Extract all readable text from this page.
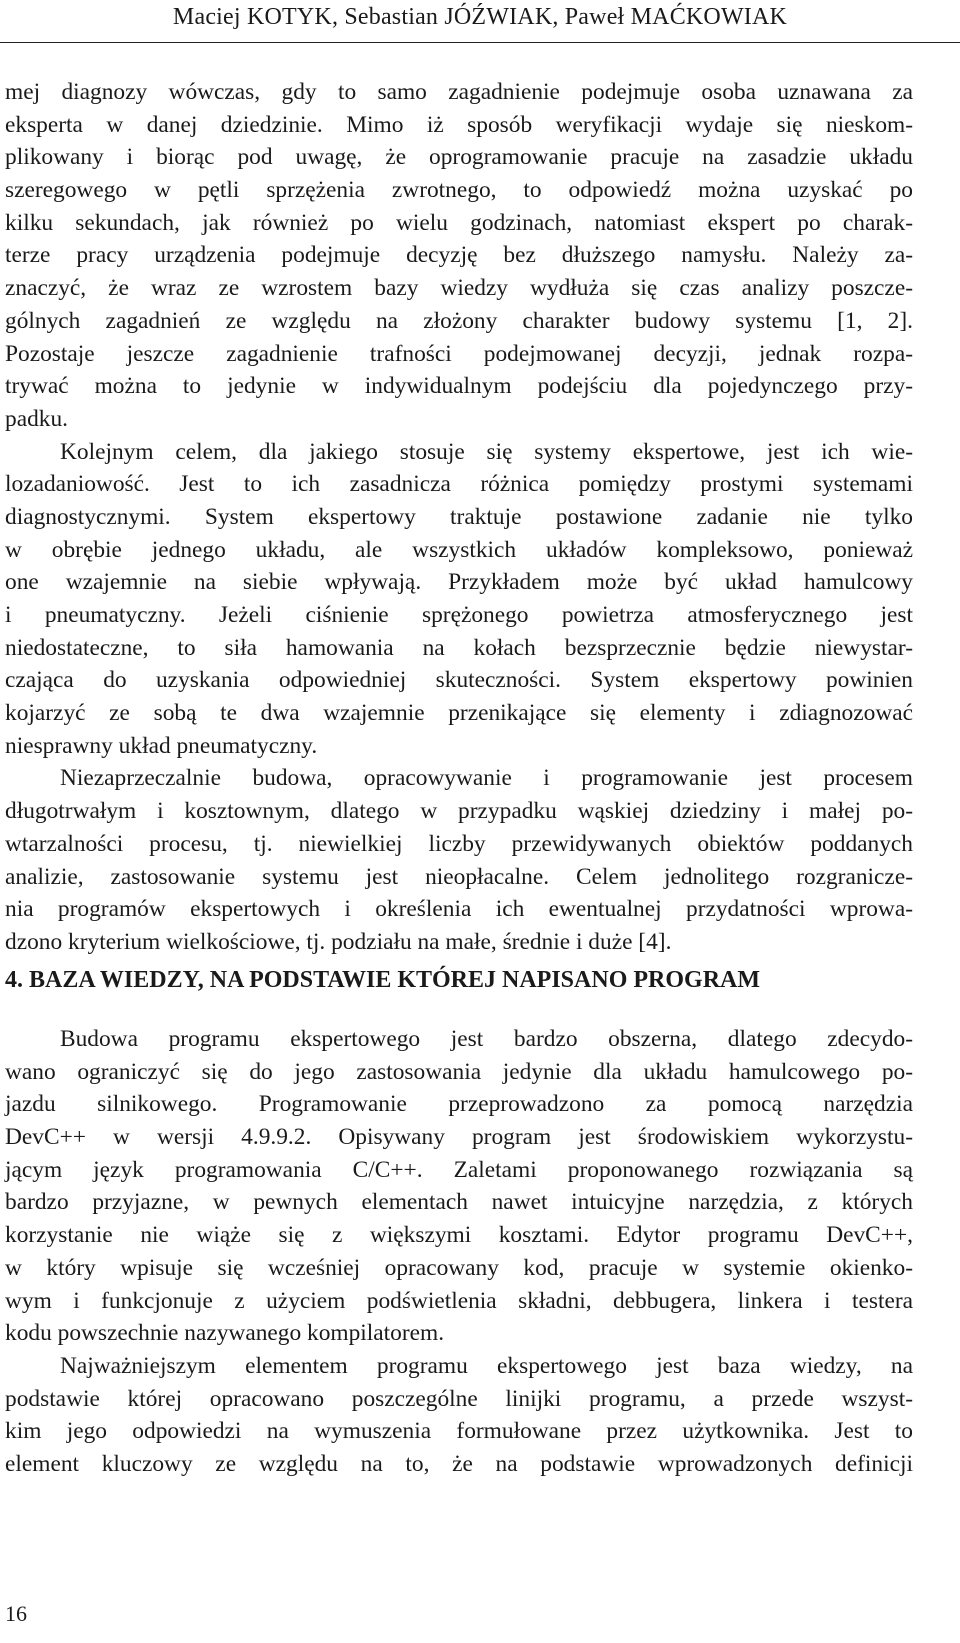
Maciej KOTYK, Sebastian JÓŹWIAK, Paweł MAĆKOWIAK
mej diagnozy wówczas, gdy to samo zagadnienie podejmuje osoba uznawana za
eksperta w danej dziedzinie. Mimo iż sposób weryfikacji wydaje się nieskom-
plikowany i biorąc pod uwagę, że oprogramowanie pracuje na zasadzie układu
szeregowego w pętli sprzężenia zwrotnego, to odpowiedź można uzyskać po
kilku sekundach, jak również po wielu godzinach, natomiast ekspert po charak-
terze pracy urządzenia podejmuje decyzję bez dłuższego namysłu. Należy za-
znaczyć, że wraz ze wzrostem bazy wiedzy wydłuża się czas analizy poszcze-
gólnych zagadnień ze względu na złożony charakter budowy systemu [1, 2].
Pozostaje jeszcze zagadnienie trafności podejmowanej decyzji, jednak rozpa-
trywać można to jedynie w indywidualnym podejściu dla pojedynczego przy-
padku.
Kolejnym celem, dla jakiego stosuje się systemy ekspertowe, jest ich wie-
lozadaniowość. Jest to ich zasadnicza różnica pomiędzy prostymi systemami
diagnostycznymi. System ekspertowy traktuje postawione zadanie nie tylko
w obrębie jednego układu, ale wszystkich układów kompleksowo, ponieważ
one wzajemnie na siebie wpływają. Przykładem może być układ hamulcowy
i pneumatyczny. Jeżeli ciśnienie sprężonego powietrza atmosferycznego jest
niedostateczne, to siła hamowania na kołach bezsprzecznie będzie niewystar-
czająca do uzyskania odpowiedniej skuteczności. System ekspertowy powinien
kojarzyć ze sobą te dwa wzajemnie przenikające się elementy i zdiagnozować
niesprawny układ pneumatyczny.
Niezaprzeczalnie budowa, opracowywanie i programowanie jest procesem
długotrwałym i kosztownym, dlatego w przypadku wąskiej dziedziny i małej po-
wtarzalności procesu, tj. niewielkiej liczby przewidywanych obiektów poddanych
analizie, zastosowanie systemu jest nieopłacalne. Celem jednolitego rozgranicze-
nia programów ekspertowych i określenia ich ewentualnej przydatności wprowa-
dzono kryterium wielkościowe, tj. podziału na małe, średnie i duże [4].
4. BAZA WIEDZY, NA PODSTAWIE KTÓREJ NAPISANO PROGRAM
Budowa programu ekspertowego jest bardzo obszerna, dlatego zdecydo-
wano ograniczyć się do jego zastosowania jedynie dla układu hamulcowego po-
jazdu silnikowego. Programowanie przeprowadzono za pomocą narzędzia
DevC++ w wersji 4.9.9.2. Opisywany program jest środowiskiem wykorzystu-
jącym język programowania C/C++. Zaletami proponowanego rozwiązania są
bardzo przyjazne, w pewnych elementach nawet intuicyjne narzędzia, z których
korzystanie nie wiąże się z większymi kosztami. Edytor programu DevC++,
w który wpisuje się wcześniej opracowany kod, pracuje w systemie okienko-
wym i funkcjonuje z użyciem podświetlenia składni, debbugera, linkera i testera
kodu powszechnie nazywanego kompilatorem.
Najważniejszym elementem programu ekspertowego jest baza wiedzy, na
podstawie której opracowano poszczególne linijki programu, a przede wszyst-
kim jego odpowiedzi na wymuszenia formułowane przez użytkownika. Jest to
element kluczowy ze względu na to, że na podstawie wprowadzonych definicji
16
